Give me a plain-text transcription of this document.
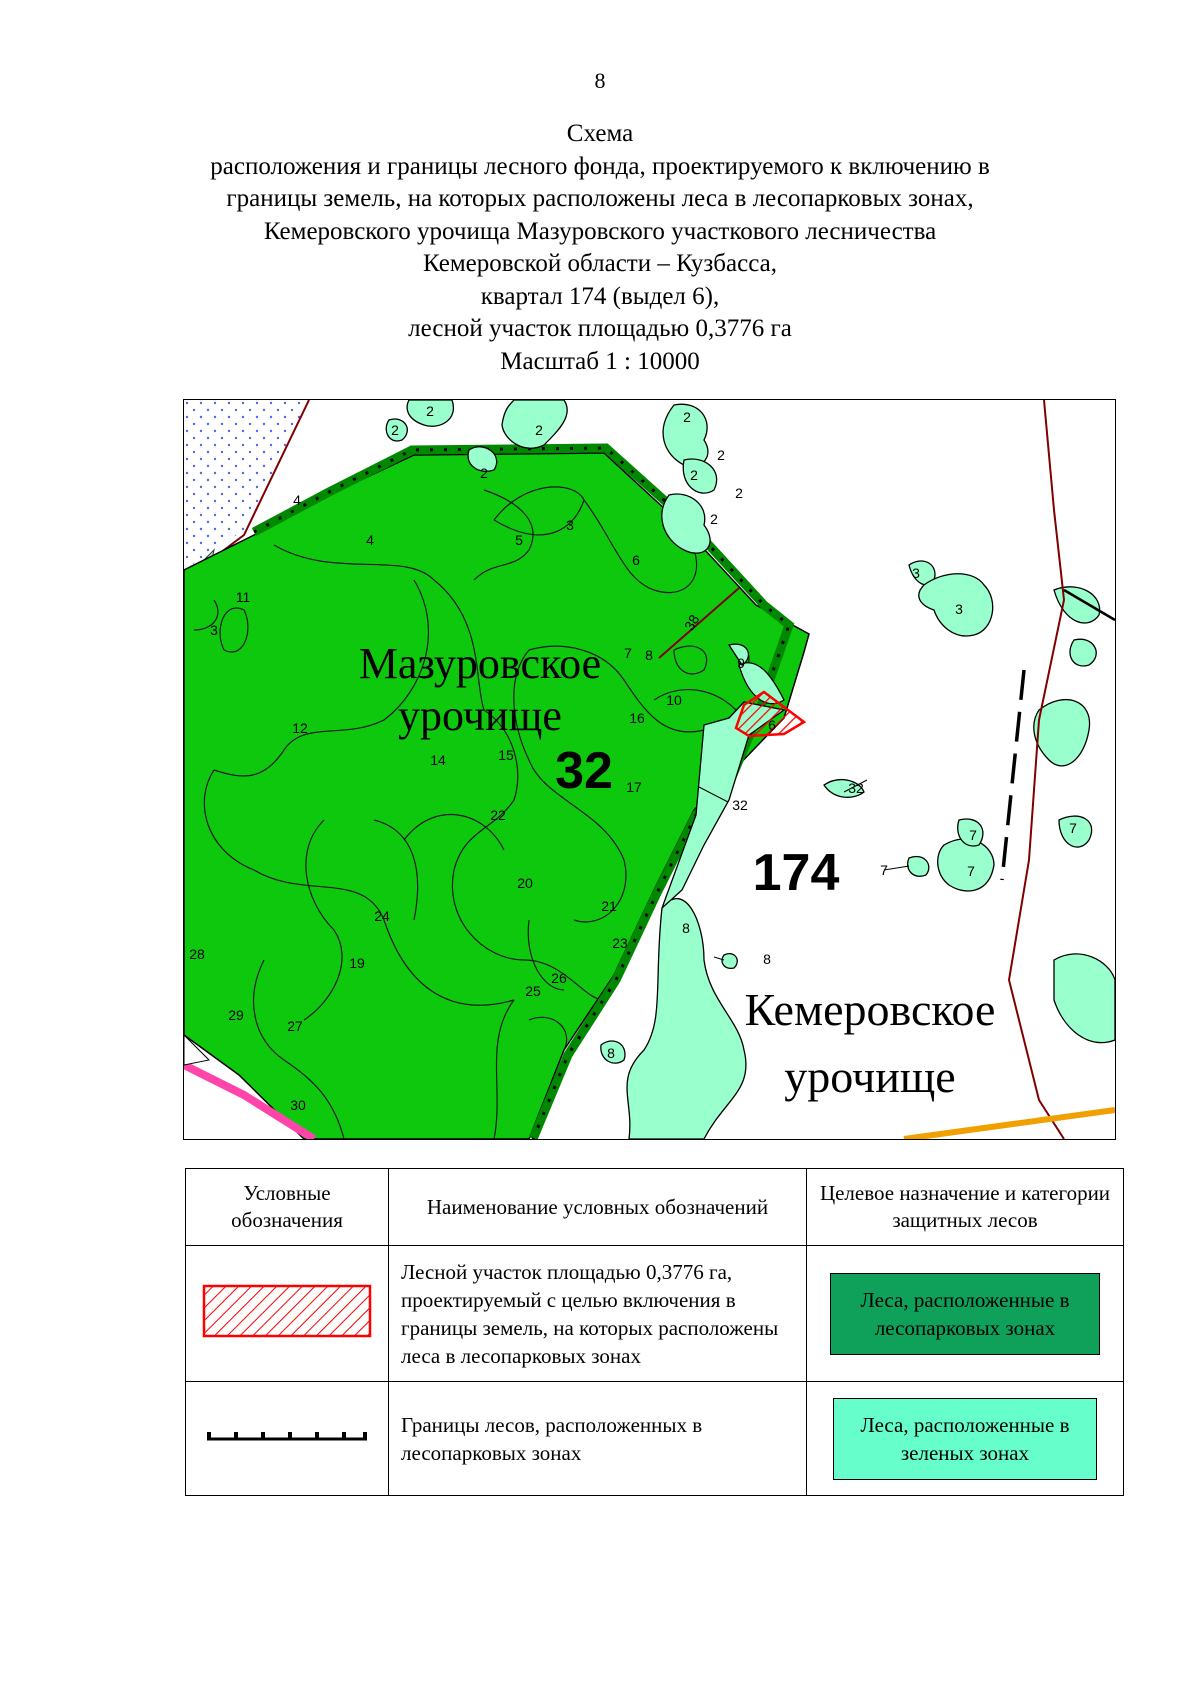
8
Схема
расположения и границы лесного фонда, проектируемого к включению в
границы земель, на которых расположены леса в лесопарковых зонах,
Кемеровского урочища Мазуровского участкового лесничества
Кемеровской области – Кузбасса,
квартал 174 (выдел 6),
лесной участок площадью 0,3776 га
Масштаб 1 : 10000
2
2	2
2
4
4	5
3
6
11
3
7 8	9
10
16
12
14	15
17
22
20
21
23
24
19
28
29
27
25
26
30
2
2
2
2
2
3
3
6
32
32
7	7
7	7
8
8
8
38
32
174
Мазуровское
урочище
Кемеровское
урочище
Условные обозначения	Наименование условных обозначений	Целевое назначение и категории защитных лесов
	Лесной участок площадью 0,3776 га, проектируемый с целью включения в границы земель, на которых расположены леса в лесопарковых зонах	Леса, расположенные в лесопарковых зонах

	Границы лесов, расположенных в лесопарковых зонах	Леса, расположенные в зеленых зонах
